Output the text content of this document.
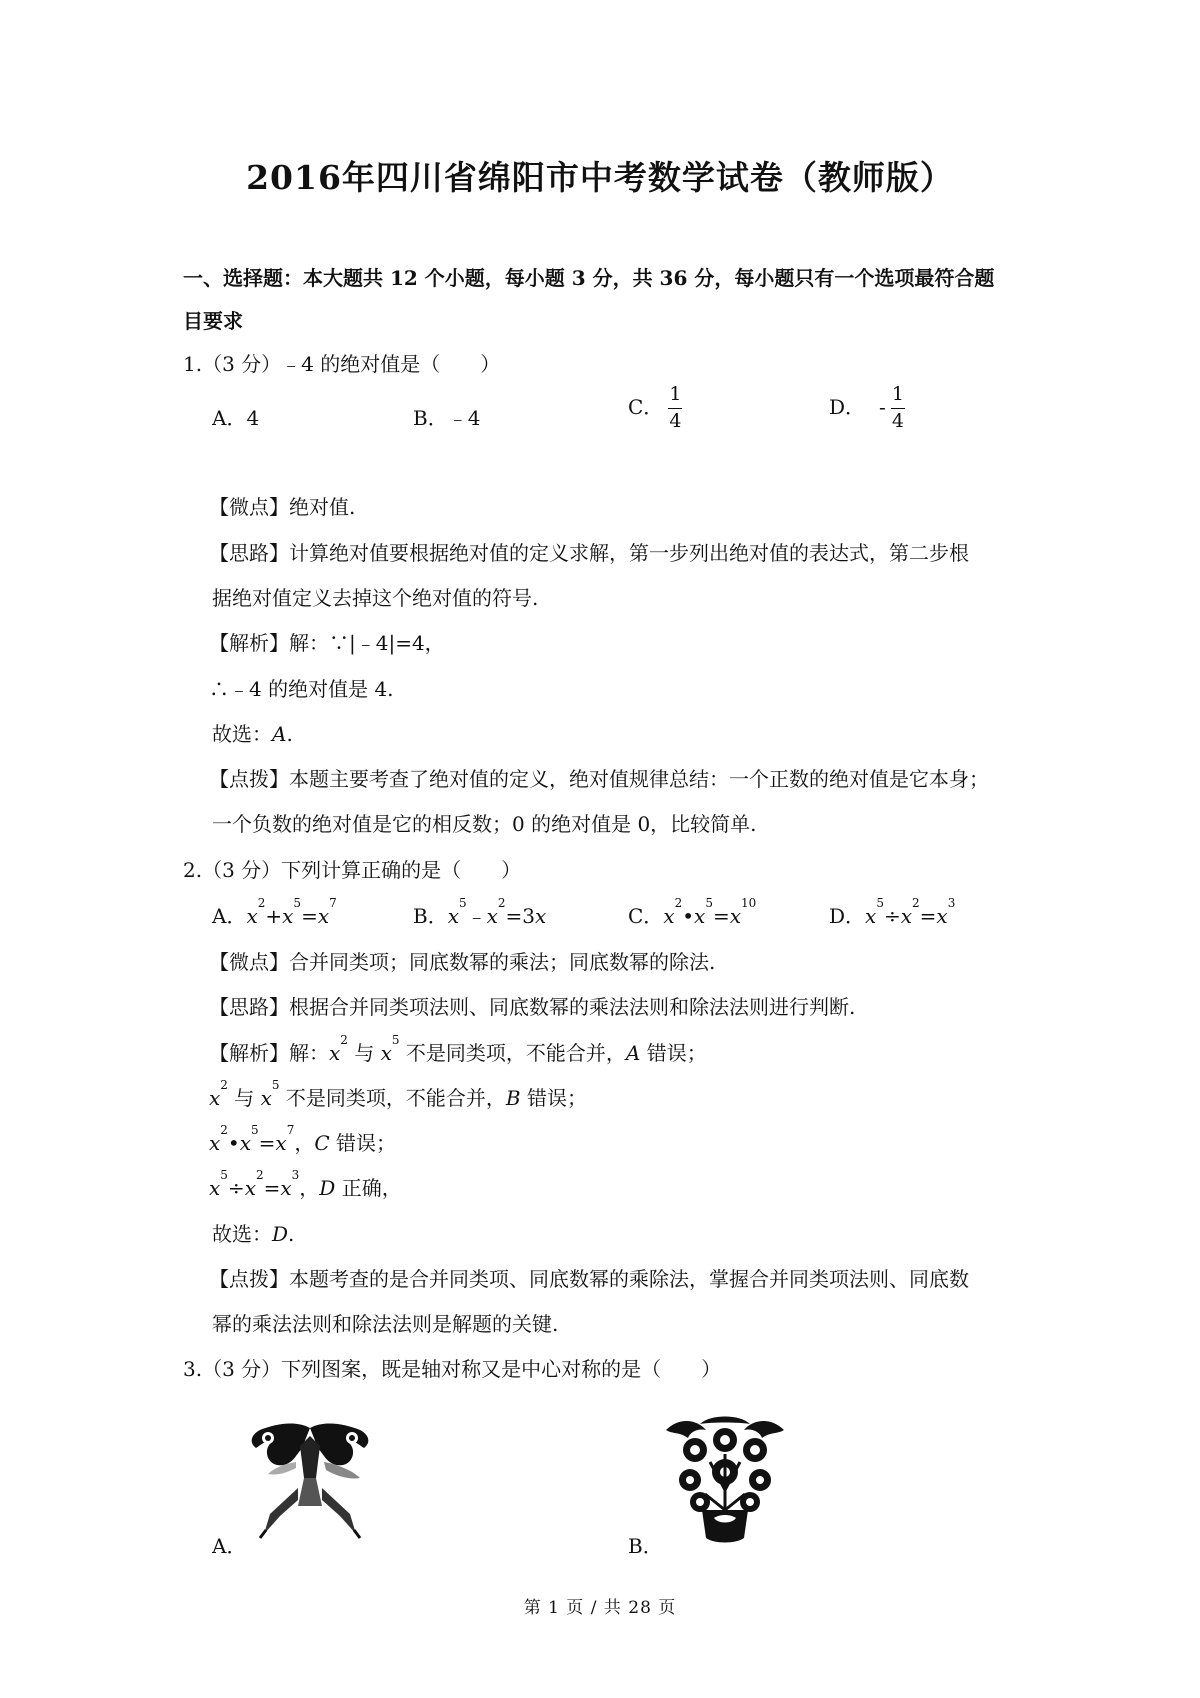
2016年四川省绵阳市中考数学试卷（教师版）
一、选择题：本大题共 12 个小题，每小题 3 分，共 36 分，每小题只有一个选项最符合题
目要求
1.（3 分）﹣4 的绝对值是（　　）
A．4	B．﹣4	C． $\frac{1}{4}$	D． - $\frac{1}{4}$
【微点】绝对值.
【思路】计算绝对值要根据绝对值的定义求解，第一步列出绝对值的表达式，第二步根
据绝对值定义去掉这个绝对值的符号.
【解析】解：∵|﹣4|=4，
∴﹣4 的绝对值是 4.
故选：A.
【点拨】本题主要考查了绝对值的定义，绝对值规律总结：一个正数的绝对值是它本身；
一个负数的绝对值是它的相反数；0 的绝对值是 0，比较简单.
2.（3 分）下列计算正确的是（　　）
A．$x^2+x^5=x^7$
B．$x^5﹣x^2=3x$	C．$x^2•x^5=x^{10}$
D．$x^5\div x^2=x^3$
【微点】合并同类项；同底数幂的乘法；同底数幂的除法.
【思路】根据合并同类项法则、同底数幂的乘法法则和除法法则进行判断.
【解析】解：$x^2$ 与 $x^5$ 不是同类项，不能合并，A 错误；
$x^2$ 与 $x^5$ 不是同类项，不能合并，B 错误；
$x^2•x^5=x^7$，C 错误；
$x^5\div x^2=x^3$，D 正确，
故选：D.
【点拨】本题考查的是合并同类项、同底数幂的乘除法，掌握合并同类项法则、同底数
幂的乘法法则和除法法则是解题的关键.
3.（3 分）下列图案，既是轴对称又是中心对称的是（　　）
A．	B．
第 1 页 / 共 28 页
